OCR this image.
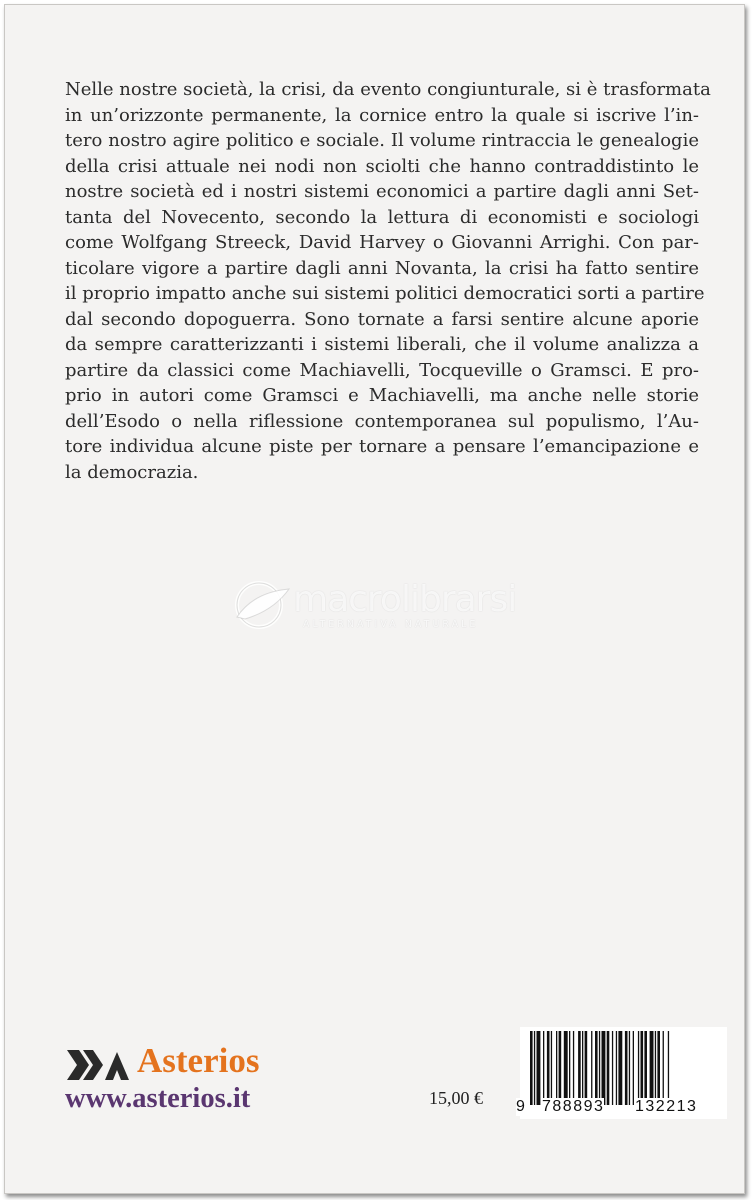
Nelle nostre società, la crisi, da evento congiunturale, si è trasformata
in un’orizzonte permanente, la cornice entro la quale si iscrive l’in-
tero nostro agire politico e sociale. Il volume rintraccia le genealogie
della crisi attuale nei nodi non sciolti che hanno contraddistinto le
nostre società ed i nostri sistemi economici a partire dagli anni Set-
tanta del Novecento, secondo la lettura di economisti e sociologi
come Wolfgang Streeck, David Harvey o Giovanni Arrighi. Con par-
ticolare vigore a partire dagli anni Novanta, la crisi ha fatto sentire
il proprio impatto anche sui sistemi politici democratici sorti a partire
dal secondo dopoguerra. Sono tornate a farsi sentire alcune aporie
da sempre caratterizzanti i sistemi liberali, che il volume analizza a
partire da classici come Machiavelli, Tocqueville o Gramsci. E pro-
prio in autori come Gramsci e Machiavelli, ma anche nelle storie
dell’Esodo o nella riflessione contemporanea sul populismo, l’Au-
tore individua alcune piste per tornare a pensare l’emancipazione e
la democrazia.
macrolibrarsi
ALTERNATIVA NATURALE
Asterios
www.asterios.it	15,00 € 9 788893 132213
